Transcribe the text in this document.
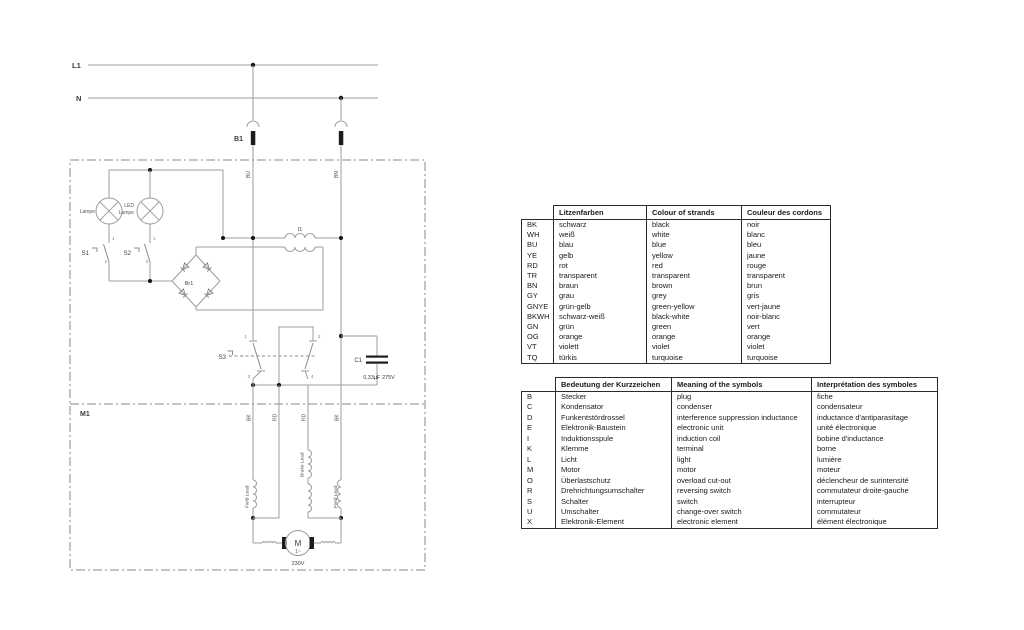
L1
N
B1
BU	BN
M1
Lampe
LED
Lampe
1	1
S1
2
S2
3
Br1
I1
S3
1	2
3	4
C1
0,33µF 275V
BK	RD	RD	BK
Field Lead
Brake Lead
Field Lead
M
1~
230V
	Litzenfarben	Colour of strands	Couleur des cordons
BK	schwarz	black	noir
WH	weiß	white	blanc
BU	blau	blue	bleu
YE	gelb	yellow	jaune
RD	rot	red	rouge
TR	transparent	transparent	transparent
BN	braun	brown	brun
GY	grau	grey	gris
GNYE	grün-gelb	green-yellow	vert-jaune
BKWH	schwarz-weiß	black-white	noir-blanc
GN	grün	green	vert
OG	orange	orange	orange
VT	violett	violet	violet
TQ	türkis	turquoise	turquoise
	Bedeutung der Kurzzeichen	Meaning of the symbols	Interprétation des symboles
B	Stecker	plug	fiche
C	Kondensator	condenser	condensateur
D	Funkentstördrossel	interference suppression inductance	inductance d'antiparasitage
E	Elektronik-Baustein	electronic unit	unité électronique
I	Induktionsspule	induction coil	bobine d'inductance
K	Klemme	terminal	borne
L	Licht	light	lumière
M	Motor	motor	moteur
O	Überlastschutz	overload cut-out	déclencheur de surintensité
R	Drehrichtungsumschalter	reversing switch	commutateur droite-gauche
S	Schalter	switch	interrupteur
U	Umschalter	change-over switch	commutateur
X	Elektronik-Element	electronic element	élément électronique
